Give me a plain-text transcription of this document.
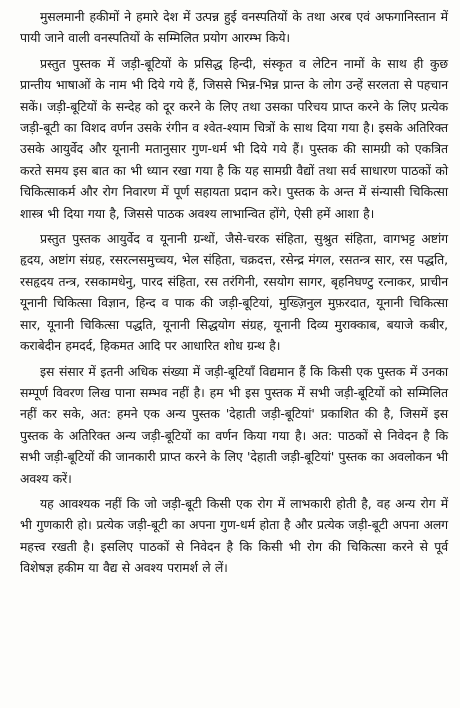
मुसलमानी हकीमों ने हमारे देश में उत्पन्न हुई वनस्पतियों के तथा अरब एवं अफगानिस्तान में पायी जाने वाली वनस्पतियों के सम्मिलित प्रयोग आरम्भ किये।

प्रस्तुत पुस्तक में जड़ी-बूटियों के प्रसिद्ध हिन्दी, संस्कृत व लेटिन नामों के साथ ही कुछ प्रान्तीय भाषाओं के नाम भी दिये गये हैं, जिससे भिन्न-भिन्न प्रान्त के लोग उन्हें सरलता से पहचान सकें। जड़ी-बूटियों के सन्देह को दूर करने के लिए तथा उसका परिचय प्राप्त करने के लिए प्रत्येक जड़ी-बूटी का विशद वर्णन उसके रंगीन व श्वेत-श्याम चित्रों के साथ दिया गया है। इसके अतिरिक्त उसके आयुर्वेद और यूनानी मतानुसार गुण-धर्म भी दिये गये हैं। पुस्तक की सामग्री को एकत्रित करते समय इस बात का भी ध्यान रखा गया है कि यह सामग्री वैद्यों तथा सर्व साधारण पाठकों को चिकित्साकर्म और रोग निवारण में पूर्ण सहायता प्रदान करे। पुस्तक के अन्त में संन्यासी चिकित्सा शास्त्र भी दिया गया है, जिससे पाठक अवश्य लाभान्वित होंगे, ऐसी हमें आशा है।

प्रस्तुत पुस्तक आयुर्वेद व यूनानी ग्रन्थों, जैसे-चरक संहिता, सुश्रुत संहिता, वागभट्ट अष्टांग हृदय, अष्टांग संग्रह, रसरत्नसमुच्चय, भेल संहिता, चक्रदत्त, रसेन्द्र मंगल, रसतन्त्र सार, रस पद्धति, रसहृदय तन्त्र, रसकामधेनु, पारद संहिता, रस तरंगिनी, रसयोग सागर, बृहनिघण्टु रत्नाकर, प्राचीन यूनानी चिकित्सा विज्ञान, हिन्द व पाक की जड़ी-बूटियां, मुख्ज़िनुल मुफ़रदात, यूनानी चिकित्सा सार, यूनानी चिकित्सा पद्धति, यूनानी सिद्धयोग संग्रह, यूनानी दिव्य मुराक्काब, बयाजे कबीर, कराबेदीन हमदर्द, हिकमत आदि पर आधारित शोध ग्रन्थ है।

इस संसार में इतनी अधिक संख्या में जड़ी-बूटियाँ विद्यमान हैं कि किसी एक पुस्तक में उनका सम्पूर्ण विवरण लिख पाना सम्भव नहीं है। हम भी इस पुस्तक में सभी जड़ी-बूटियों को सम्मिलित नहीं कर सके, अत: हमने एक अन्य पुस्तक 'देहाती जड़ी-बूटियां' प्रकाशित की है, जिसमें इस पुस्तक के अतिरिक्त अन्य जड़ी-बूटियों का वर्णन किया गया है। अत: पाठकों से निवेदन है कि सभी जड़ी-बूटियों की जानकारी प्राप्त करने के लिए 'देहाती जड़ी-बूटियां' पुस्तक का अवलोकन भी अवश्य करें।

यह आवश्यक नहीं कि जो जड़ी-बूटी किसी एक रोग में लाभकारी होती है, वह अन्य रोग में भी गुणकारी हो। प्रत्येक जड़ी-बूटी का अपना गुण-धर्म होता है और प्रत्येक जड़ी-बूटी अपना अलग महत्त्व रखती है। इसलिए पाठकों से निवेदन है कि किसी भी रोग की चिकित्सा करने से पूर्व विशेषज्ञ हकीम या वैद्य से अवश्य परामर्श ले लें।
